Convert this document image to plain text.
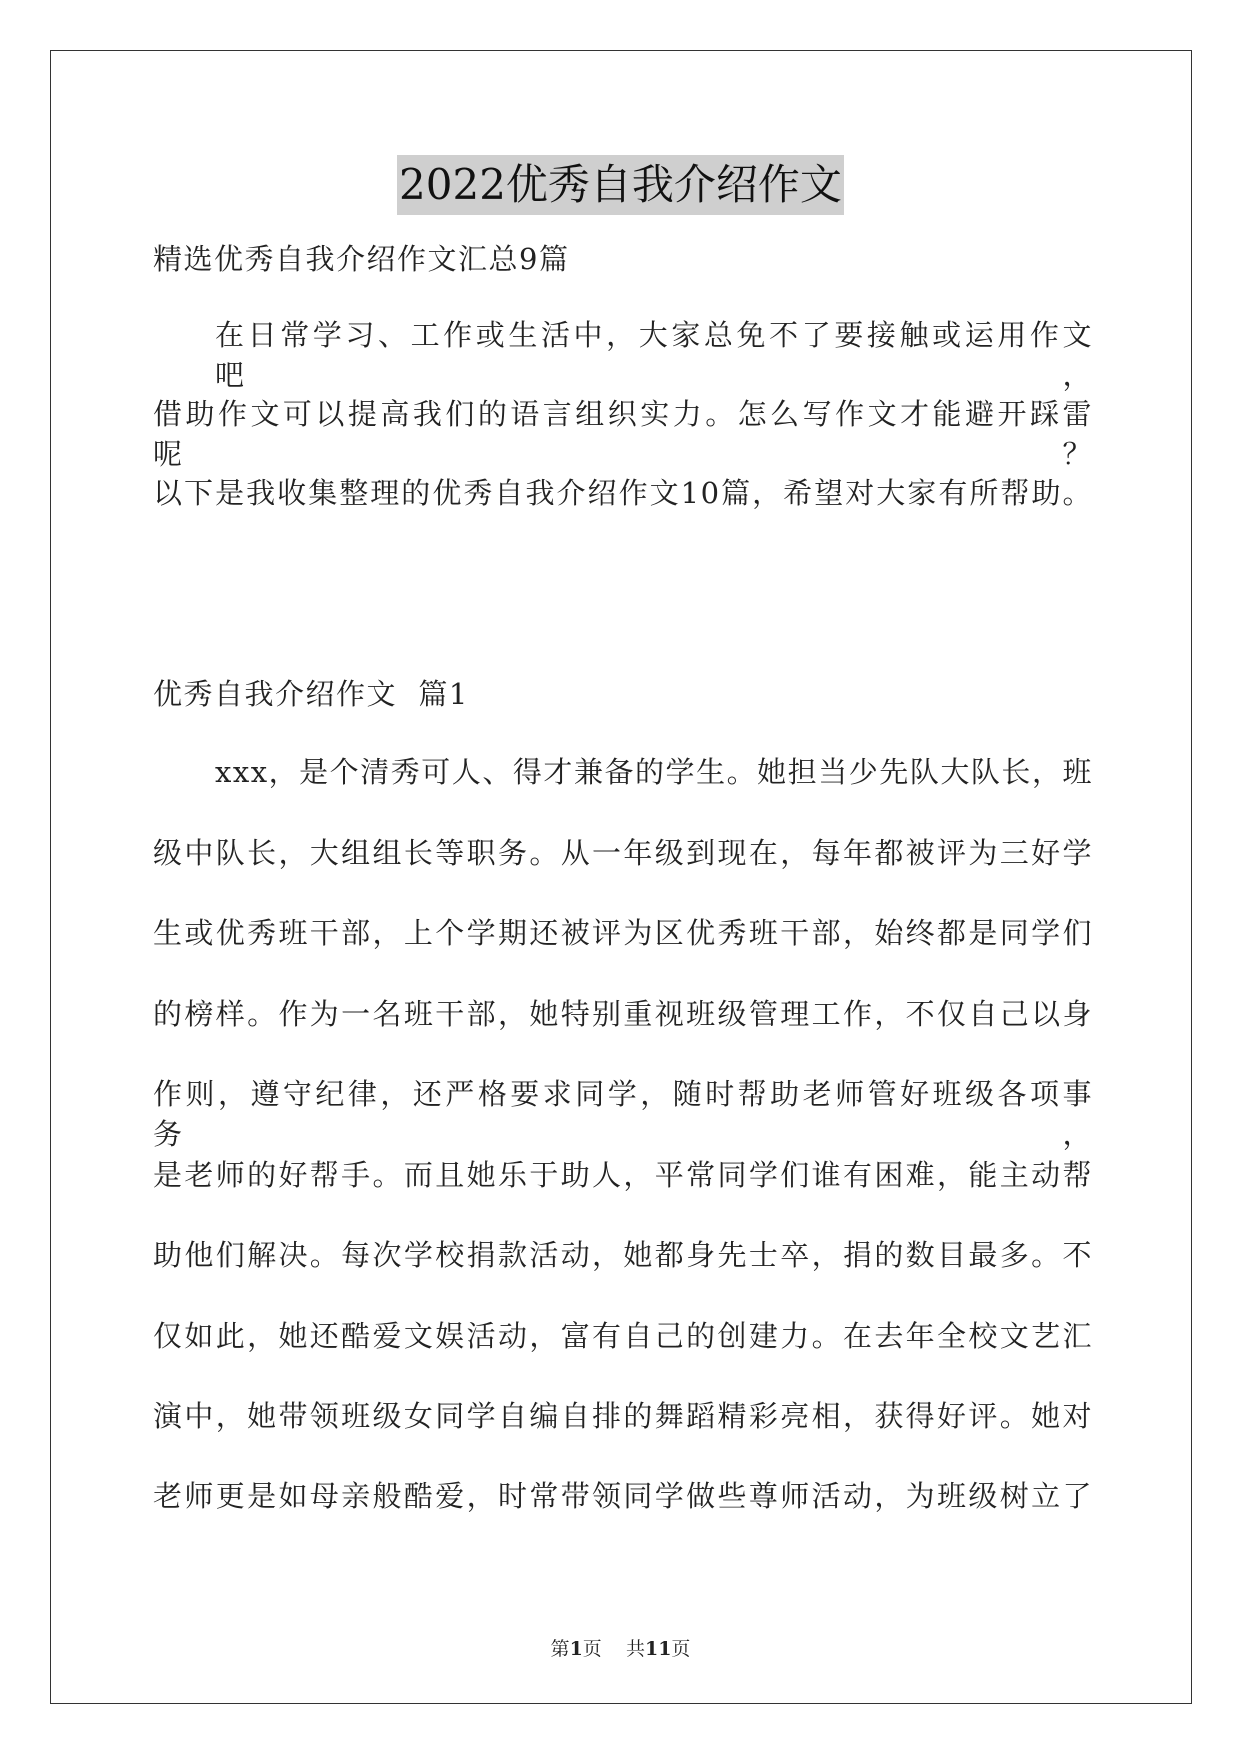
2022优秀自我介绍作文

精选优秀自我介绍作文汇总9篇

在日常学习、工作或生活中，大家总免不了要接触或运用作文吧，

借助作文可以提高我们的语言组织实力。怎么写作文才能避开踩雷呢？

以下是我收集整理的优秀自我介绍作文10篇，希望对大家有所帮助。

优秀自我介绍作文  篇1

xxx，是个清秀可人、得才兼备的学生。她担当少先队大队长，班

级中队长，大组组长等职务。从一年级到现在，每年都被评为三好学

生或优秀班干部，上个学期还被评为区优秀班干部，始终都是同学们

的榜样。作为一名班干部，她特别重视班级管理工作，不仅自己以身

作则，遵守纪律，还严格要求同学，随时帮助老师管好班级各项事务，

是老师的好帮手。而且她乐于助人，平常同学们谁有困难，能主动帮

助他们解决。每次学校捐款活动，她都身先士卒，捐的数目最多。不

仅如此，她还酷爱文娱活动，富有自己的创建力。在去年全校文艺汇

演中，她带领班级女同学自编自排的舞蹈精彩亮相，获得好评。她对

老师更是如母亲般酷爱，时常带领同学做些尊师活动，为班级树立了

第1页    共11页
